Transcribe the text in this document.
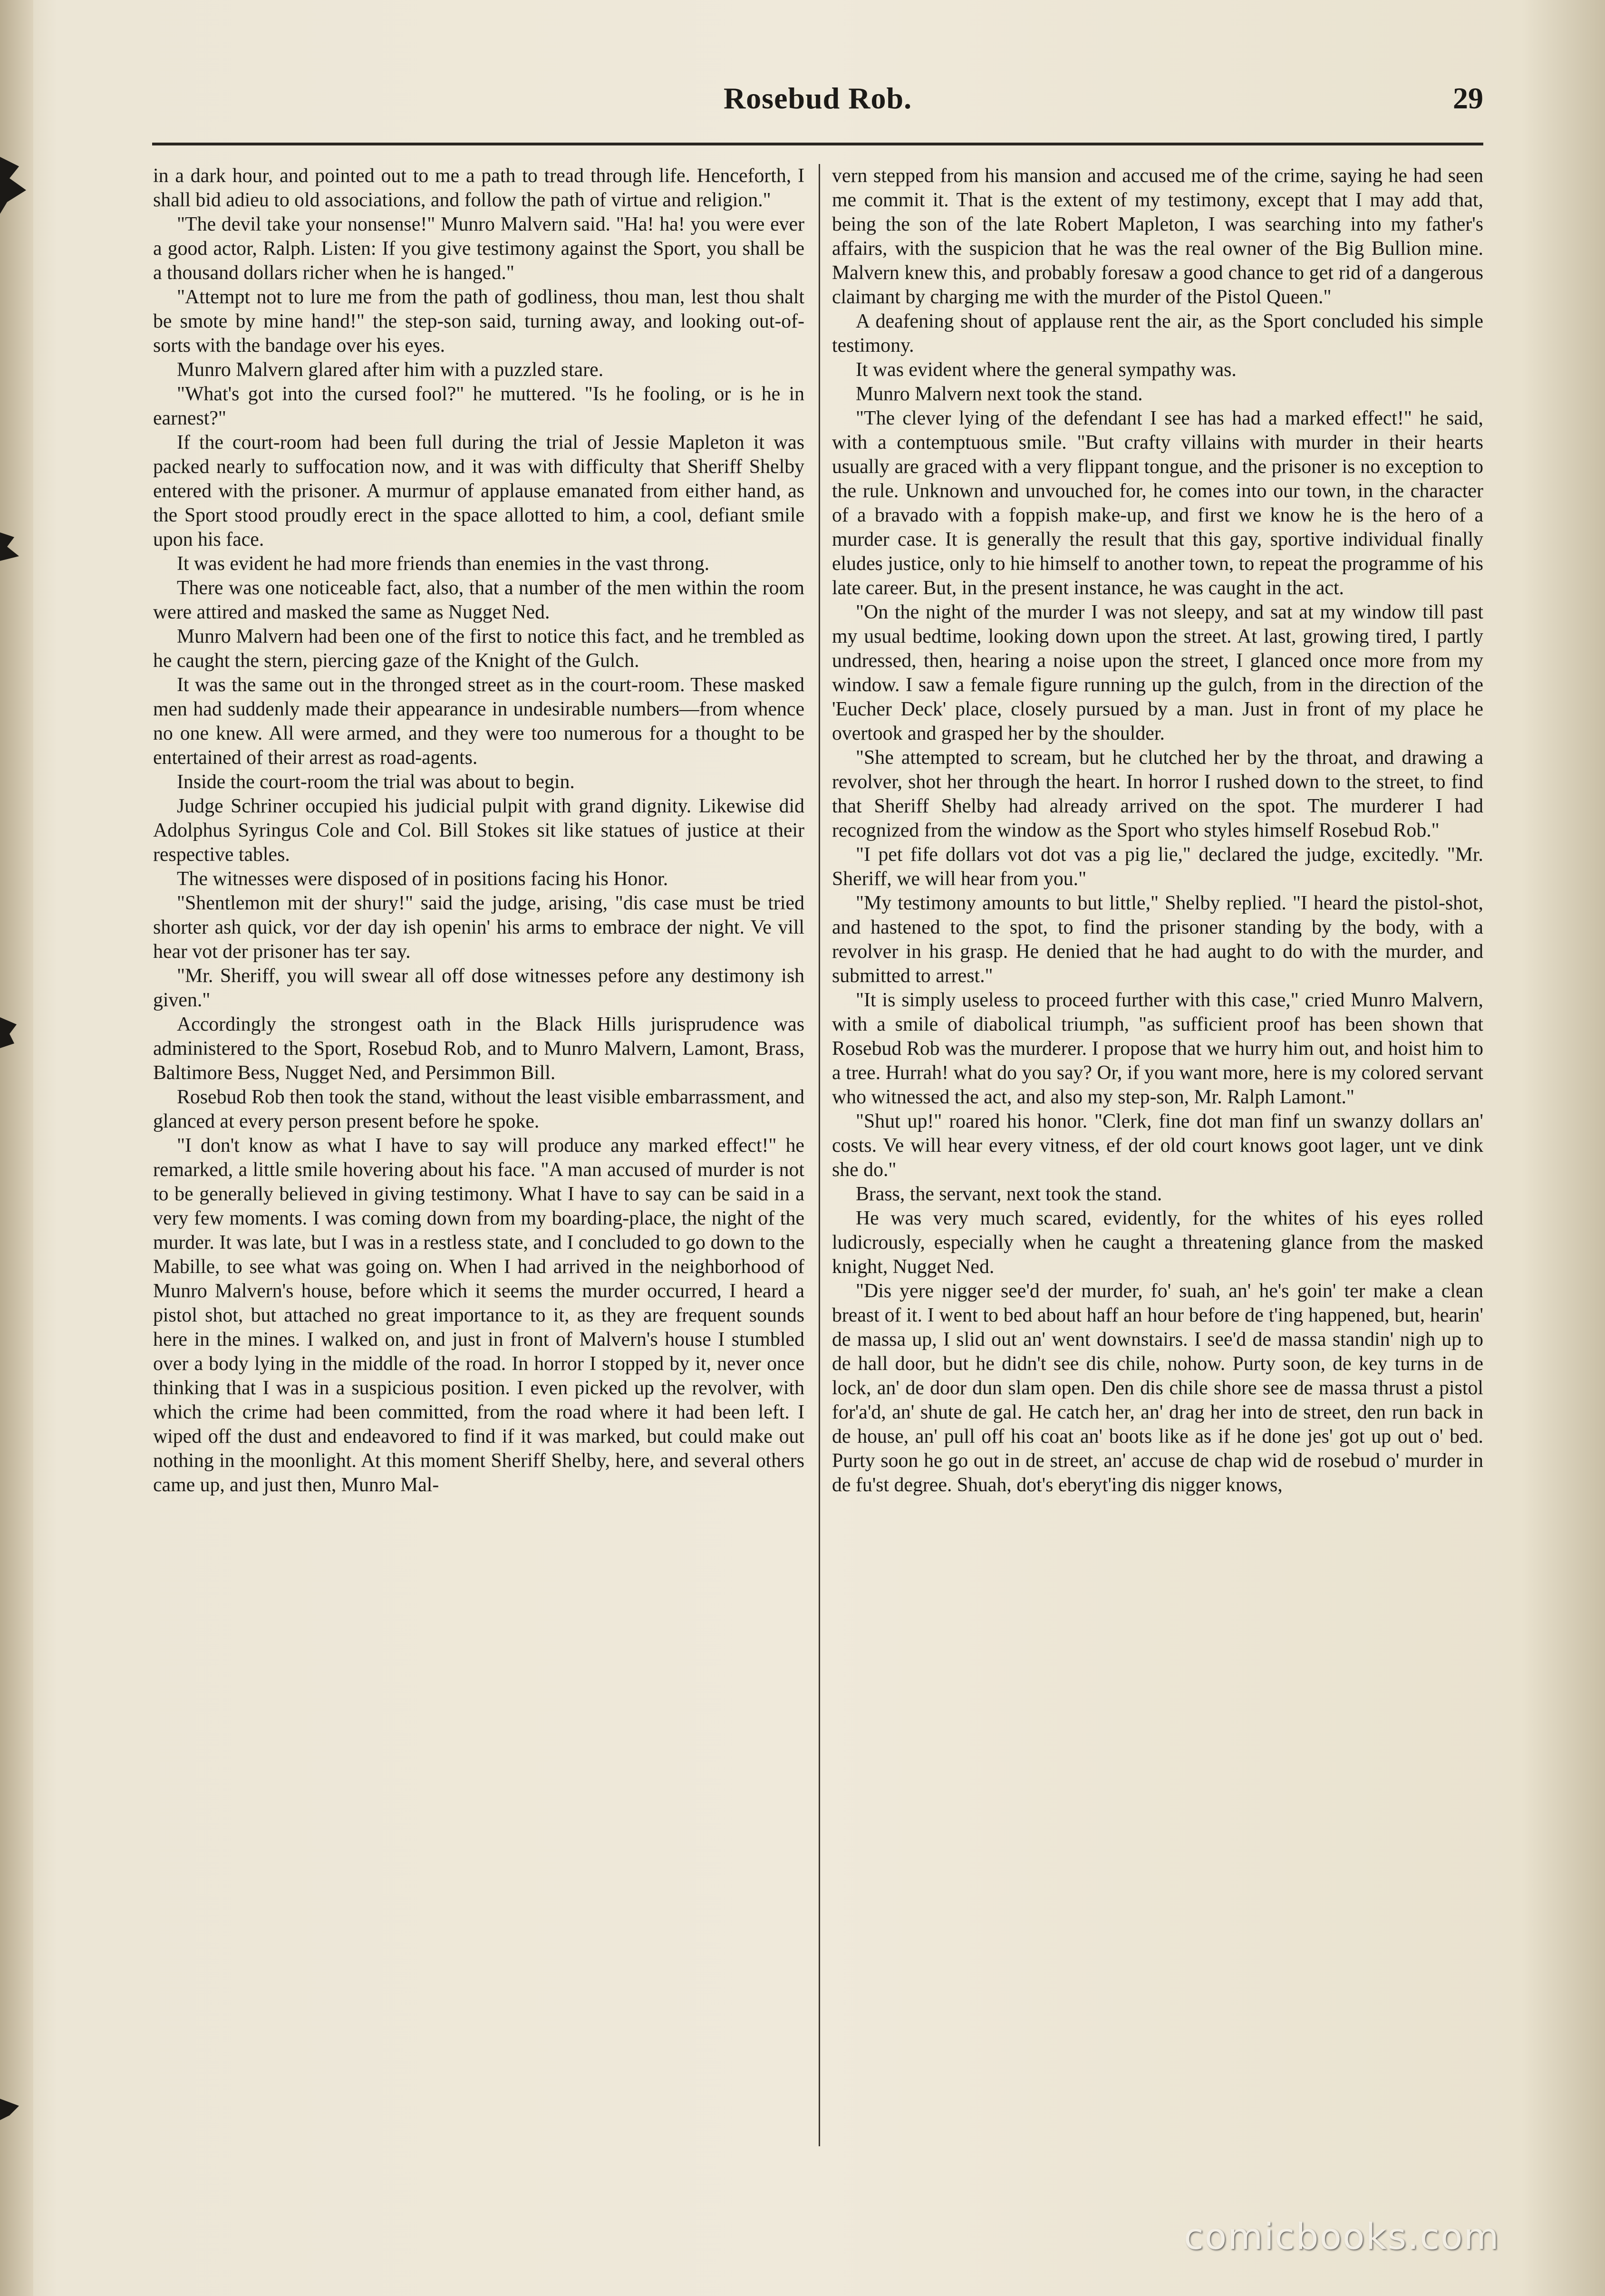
Rosebud Rob.	29

in a dark hour, and pointed out to me a path to tread through life. Henceforth, I shall bid adieu to old associations, and follow the path of virtue and religion."

"The devil take your nonsense!" Munro Malvern said. "Ha! ha! you were ever a good actor, Ralph. Listen: If you give testimony against the Sport, you shall be a thousand dollars richer when he is hanged."

"Attempt not to lure me from the path of godliness, thou man, lest thou shalt be smote by mine hand!" the step-son said, turning away, and looking out-of-sorts with the bandage over his eyes.

Munro Malvern glared after him with a puzzled stare.

"What's got into the cursed fool?" he muttered. "Is he fooling, or is he in earnest?"

If the court-room had been full during the trial of Jessie Mapleton it was packed nearly to suffocation now, and it was with difficulty that Sheriff Shelby entered with the prisoner. A murmur of applause emanated from either hand, as the Sport stood proudly erect in the space allotted to him, a cool, defiant smile upon his face.

It was evident he had more friends than enemies in the vast throng.

There was one noticeable fact, also, that a number of the men within the room were attired and masked the same as Nugget Ned.

Munro Malvern had been one of the first to notice this fact, and he trembled as he caught the stern, piercing gaze of the Knight of the Gulch.

It was the same out in the thronged street as in the court-room. These masked men had suddenly made their appearance in undesirable numbers—from whence no one knew. All were armed, and they were too numerous for a thought to be entertained of their arrest as road-agents.

Inside the court-room the trial was about to begin.

Judge Schriner occupied his judicial pulpit with grand dignity. Likewise did Adolphus Syringus Cole and Col. Bill Stokes sit like statues of justice at their respective tables.

The witnesses were disposed of in positions facing his Honor.

"Shentlemon mit der shury!" said the judge, arising, "dis case must be tried shorter ash quick, vor der day ish openin' his arms to embrace der night. Ve vill hear vot der prisoner has ter say.

"Mr. Sheriff, you will swear all off dose witnesses pefore any destimony ish given."

Accordingly the strongest oath in the Black Hills jurisprudence was administered to the Sport, Rosebud Rob, and to Munro Malvern, Lamont, Brass, Baltimore Bess, Nugget Ned, and Persimmon Bill.

Rosebud Rob then took the stand, without the least visible embarrassment, and glanced at every person present before he spoke.

"I don't know as what I have to say will produce any marked effect!" he remarked, a little smile hovering about his face. "A man accused of murder is not to be generally believed in giving testimony. What I have to say can be said in a very few moments. I was coming down from my boarding-place, the night of the murder. It was late, but I was in a restless state, and I concluded to go down to the Mabille, to see what was going on. When I had arrived in the neighborhood of Munro Malvern's house, before which it seems the murder occurred, I heard a pistol shot, but attached no great importance to it, as they are frequent sounds here in the mines. I walked on, and just in front of Malvern's house I stumbled over a body lying in the middle of the road. In horror I stopped by it, never once thinking that I was in a suspicious position. I even picked up the revolver, with which the crime had been committed, from the road where it had been left. I wiped off the dust and endeavored to find if it was marked, but could make out nothing in the moonlight. At this moment Sheriff Shelby, here, and several others came up, and just then, Munro Mal-

vern stepped from his mansion and accused me of the crime, saying he had seen me commit it. That is the extent of my testimony, except that I may add that, being the son of the late Robert Mapleton, I was searching into my father's affairs, with the suspicion that he was the real owner of the Big Bullion mine. Malvern knew this, and probably foresaw a good chance to get rid of a dangerous claimant by charging me with the murder of the Pistol Queen."

A deafening shout of applause rent the air, as the Sport concluded his simple testimony.

It was evident where the general sympathy was.

Munro Malvern next took the stand.

"The clever lying of the defendant I see has had a marked effect!" he said, with a contemptuous smile. "But crafty villains with murder in their hearts usually are graced with a very flippant tongue, and the prisoner is no exception to the rule. Unknown and unvouched for, he comes into our town, in the character of a bravado with a foppish make-up, and first we know he is the hero of a murder case. It is generally the result that this gay, sportive individual finally eludes justice, only to hie himself to another town, to repeat the programme of his late career. But, in the present instance, he was caught in the act.

"On the night of the murder I was not sleepy, and sat at my window till past my usual bedtime, looking down upon the street. At last, growing tired, I partly undressed, then, hearing a noise upon the street, I glanced once more from my window. I saw a female figure running up the gulch, from in the direction of the 'Eucher Deck' place, closely pursued by a man. Just in front of my place he overtook and grasped her by the shoulder.

"She attempted to scream, but he clutched her by the throat, and drawing a revolver, shot her through the heart. In horror I rushed down to the street, to find that Sheriff Shelby had already arrived on the spot. The murderer I had recognized from the window as the Sport who styles himself Rosebud Rob."

"I pet fife dollars vot dot vas a pig lie," declared the judge, excitedly. "Mr. Sheriff, we will hear from you."

"My testimony amounts to but little," Shelby replied. "I heard the pistol-shot, and hastened to the spot, to find the prisoner standing by the body, with a revolver in his grasp. He denied that he had aught to do with the murder, and submitted to arrest."

"It is simply useless to proceed further with this case," cried Munro Malvern, with a smile of diabolical triumph, "as sufficient proof has been shown that Rosebud Rob was the murderer. I propose that we hurry him out, and hoist him to a tree. Hurrah! what do you say? Or, if you want more, here is my colored servant who witnessed the act, and also my step-son, Mr. Ralph Lamont."

"Shut up!" roared his honor. "Clerk, fine dot man finf un swanzy dollars an' costs. Ve will hear every vitness, ef der old court knows goot lager, unt ve dink she do."

Brass, the servant, next took the stand.

He was very much scared, evidently, for the whites of his eyes rolled ludicrously, especially when he caught a threatening glance from the masked knight, Nugget Ned.

"Dis yere nigger see'd der murder, fo' suah, an' he's goin' ter make a clean breast of it. I went to bed about haff an hour before de t'ing happened, but, hearin' de massa up, I slid out an' went downstairs. I see'd de massa standin' nigh up to de hall door, but he didn't see dis chile, nohow. Purty soon, de key turns in de lock, an' de door dun slam open. Den dis chile shore see de massa thrust a pistol for'a'd, an' shute de gal. He catch her, an' drag her into de street, den run back in de house, an' pull off his coat an' boots like as if he done jes' got up out o' bed. Purty soon he go out in de street, an' accuse de chap wid de rosebud o' murder in de fu'st degree. Shuah, dot's eberyt'ing dis nigger knows,

comicbooks.com
